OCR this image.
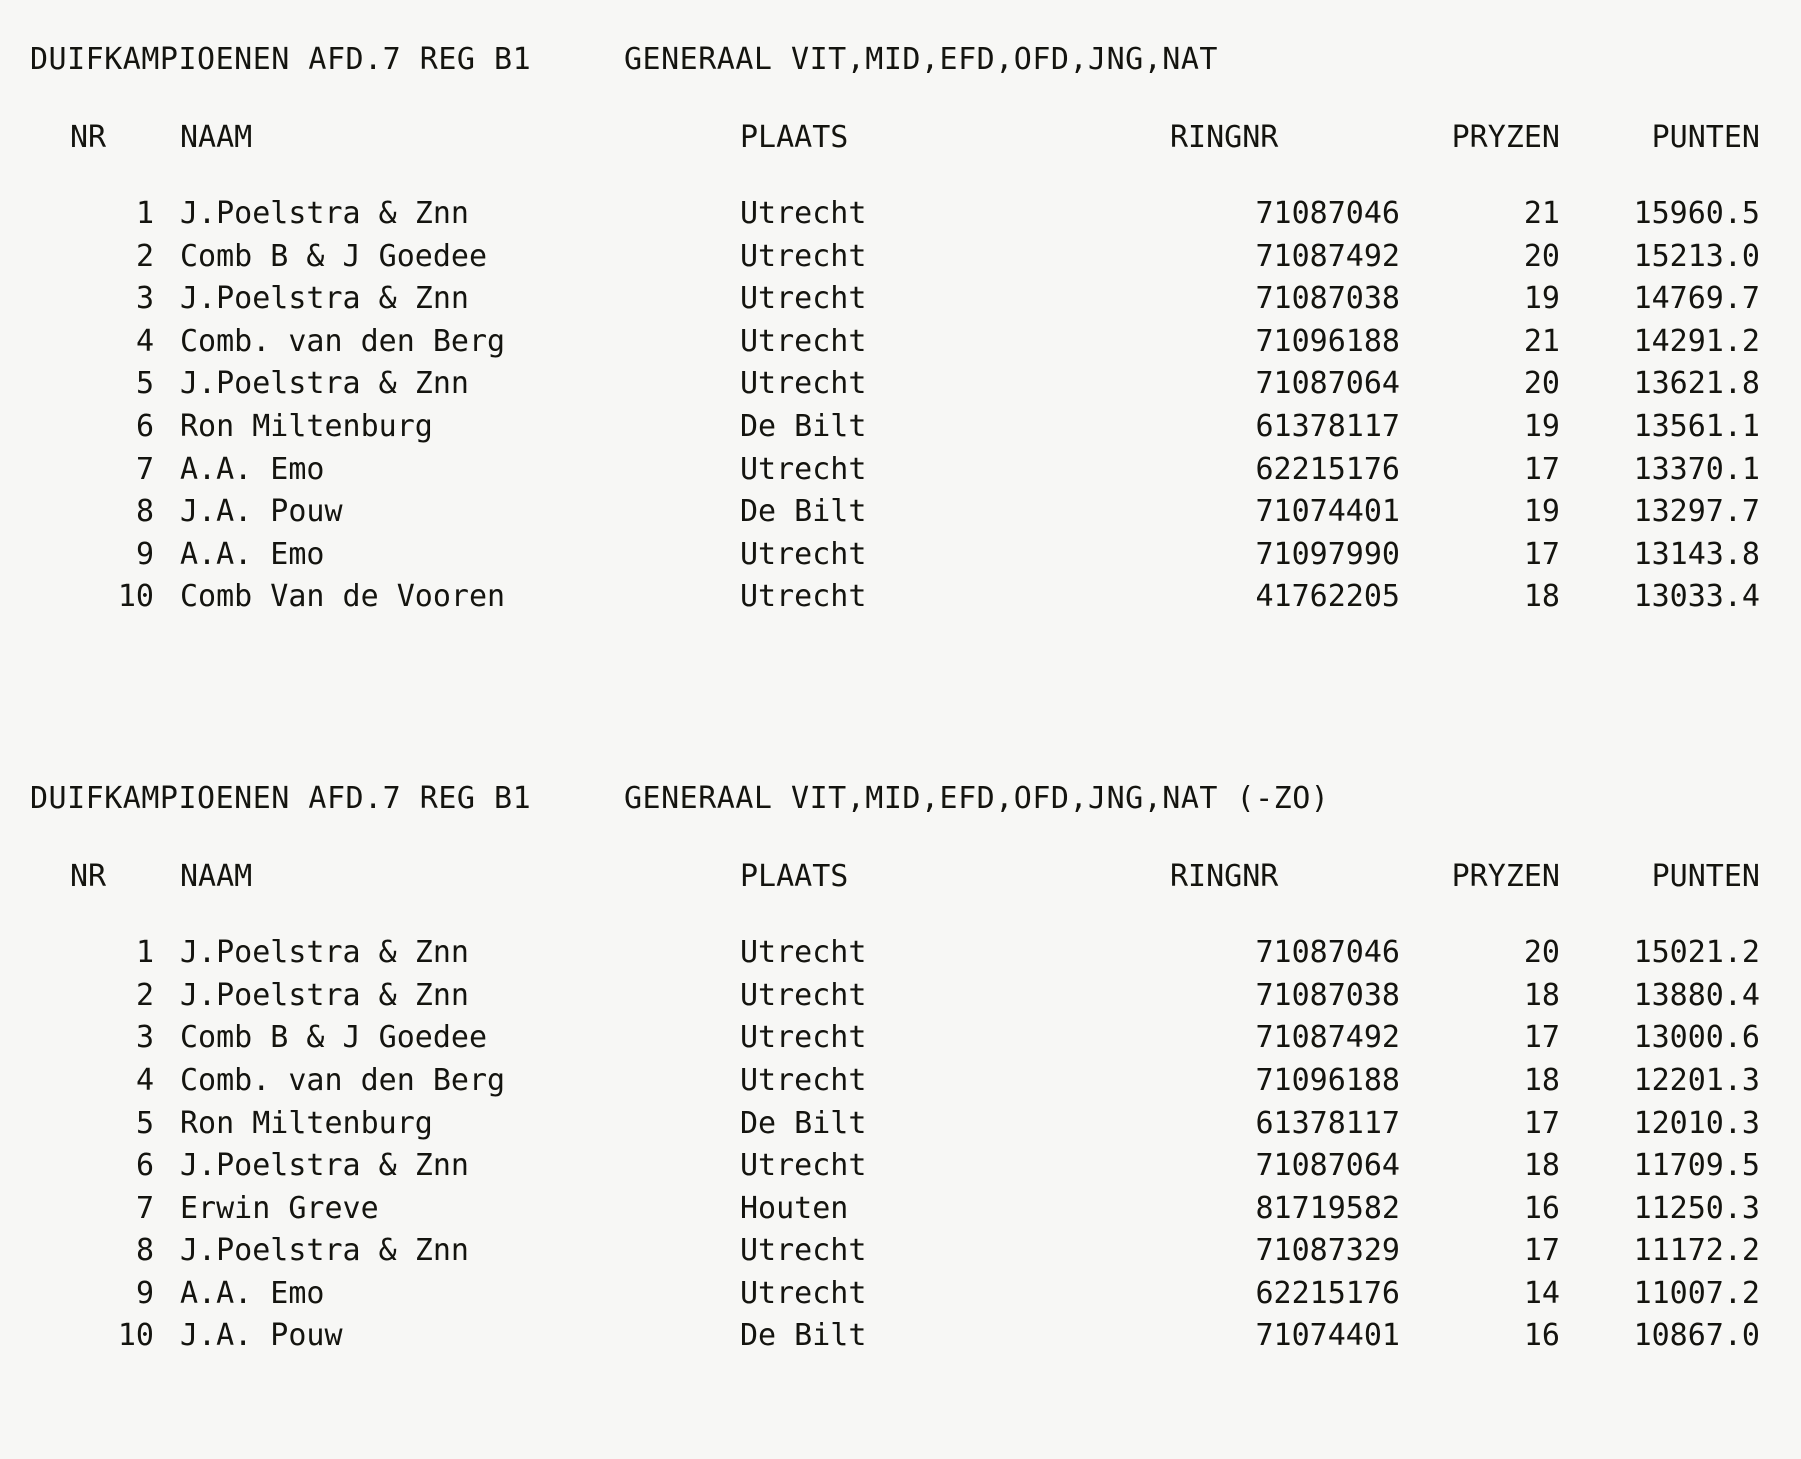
DUIFKAMPIOENEN AFD.7 REG B1	GENERAAL VIT,MID,EFD,OFD,JNG,NAT
NR	NAAM	PLAATS	RINGNR	PRYZEN	PUNTEN

1	J.Poelstra & Znn	Utrecht	71087046	21	15960.5
2	Comb B & J Goedee	Utrecht	71087492	20	15213.0
3	J.Poelstra & Znn	Utrecht	71087038	19	14769.7
4	Comb. van den Berg	Utrecht	71096188	21	14291.2
5	J.Poelstra & Znn	Utrecht	71087064	20	13621.8
6	Ron Miltenburg	De Bilt	61378117	19	13561.1
7	A.A. Emo	Utrecht	62215176	17	13370.1
8	J.A. Pouw	De Bilt	71074401	19	13297.7
9	A.A. Emo	Utrecht	71097990	17	13143.8
10	Comb Van de Vooren	Utrecht	41762205	18	13033.4
DUIFKAMPIOENEN AFD.7 REG B1	GENERAAL VIT,MID,EFD,OFD,JNG,NAT (-ZO)
NR	NAAM	PLAATS	RINGNR	PRYZEN	PUNTEN

1	J.Poelstra & Znn	Utrecht	71087046	20	15021.2
2	J.Poelstra & Znn	Utrecht	71087038	18	13880.4
3	Comb B & J Goedee	Utrecht	71087492	17	13000.6
4	Comb. van den Berg	Utrecht	71096188	18	12201.3
5	Ron Miltenburg	De Bilt	61378117	17	12010.3
6	J.Poelstra & Znn	Utrecht	71087064	18	11709.5
7	Erwin Greve	Houten	81719582	16	11250.3
8	J.Poelstra & Znn	Utrecht	71087329	17	11172.2
9	A.A. Emo	Utrecht	62215176	14	11007.2
10	J.A. Pouw	De Bilt	71074401	16	10867.0
